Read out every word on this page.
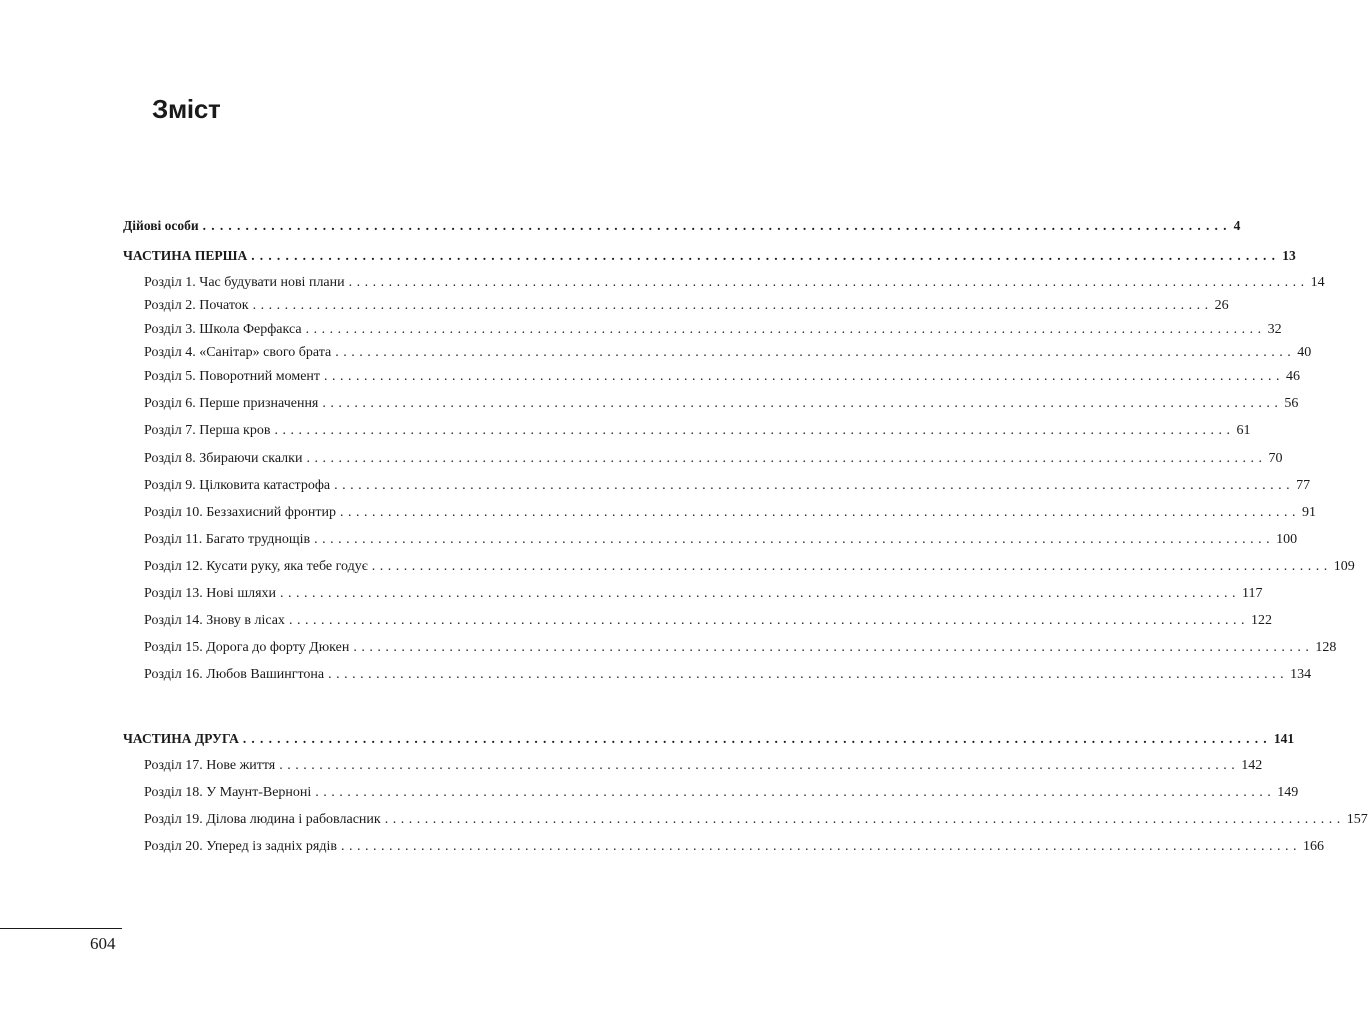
Зміст
Дійові особи ........................................................................................................................ 4
ЧАСТИНА ПЕРША ........................................................................................................................ 13
Розділ 1. Час будувати нові плани ........................................................................................................................ 14
Розділ 2. Початок ........................................................................................................................ 26
Розділ 3. Школа Ферфакса ........................................................................................................................ 32
Розділ 4. «Санітар» свого брата ........................................................................................................................ 40
Розділ 5. Поворотний момент ........................................................................................................................ 46
Розділ 6. Перше призначення ........................................................................................................................ 56
Розділ 7. Перша кров ........................................................................................................................ 61
Розділ 8. Збираючи скалки ........................................................................................................................ 70
Розділ 9. Цілковита катастрофа ........................................................................................................................ 77
Розділ 10. Беззахисний фронтир ........................................................................................................................ 91
Розділ 11. Багато труднощів ........................................................................................................................ 100
Розділ 12. Кусати руку, яка тебе годує ........................................................................................................................ 109
Розділ 13. Нові шляхи ........................................................................................................................ 117
Розділ 14. Знову в лісах ........................................................................................................................ 122
Розділ 15. Дорога до форту Дюкен ........................................................................................................................ 128
Розділ 16. Любов Вашингтона ........................................................................................................................ 134
ЧАСТИНА ДРУГА ........................................................................................................................ 141
Розділ 17. Нове життя ........................................................................................................................ 142
Розділ 18. У Маунт-Верноні ........................................................................................................................ 149
Розділ 19. Ділова людина і рабовласник ........................................................................................................................ 157
Розділ 20. Уперед із задніх рядів ........................................................................................................................ 166
604
